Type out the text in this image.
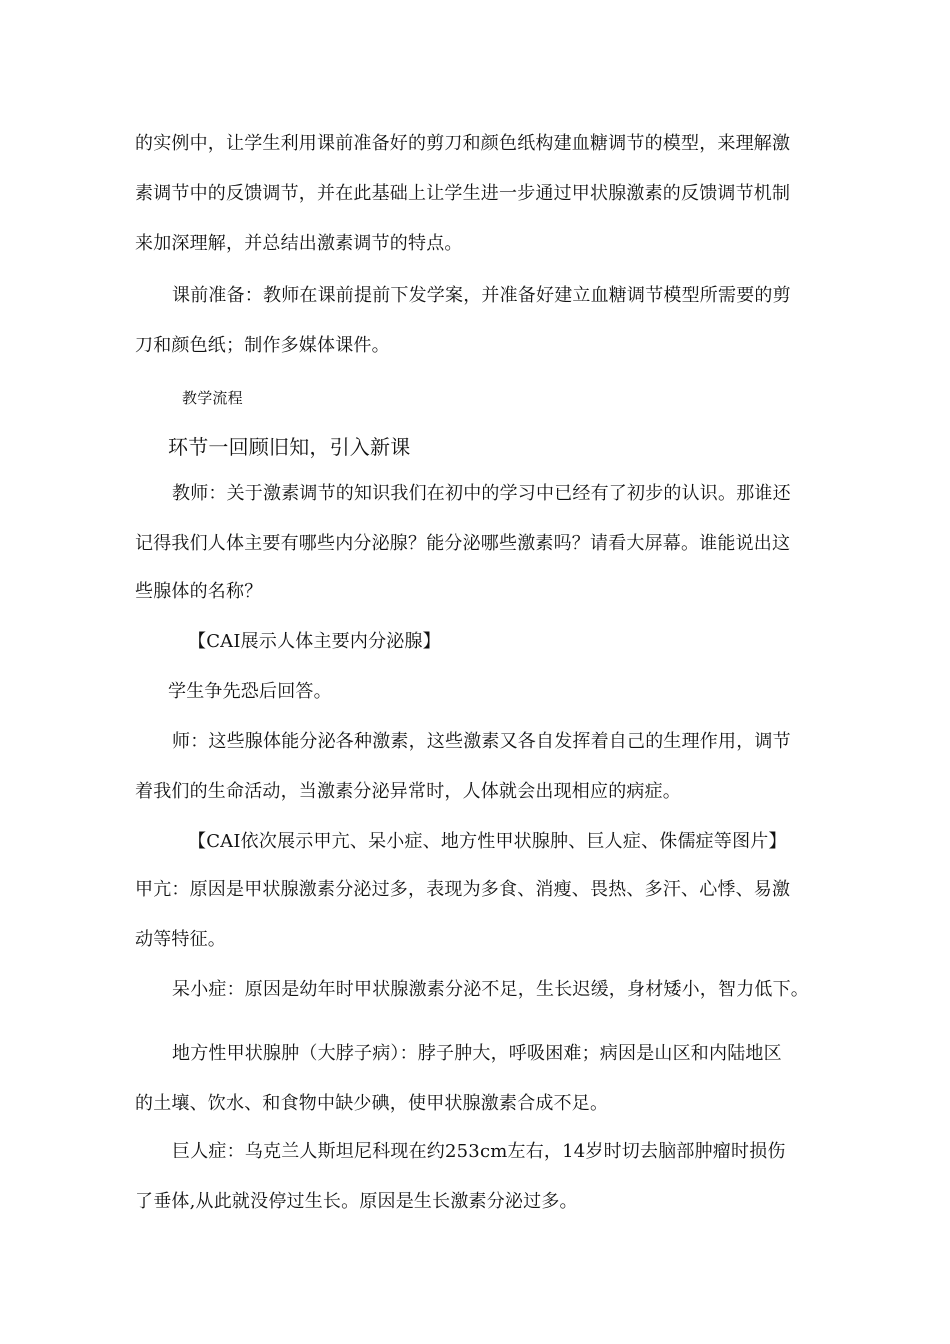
的实例中，让学生利用课前准备好的剪刀和颜色纸构建血糖调节的模型，来理解激
素调节中的反馈调节，并在此基础上让学生进一步通过甲状腺激素的反馈调节机制
来加深理解，并总结出激素调节的特点。
课前准备：教师在课前提前下发学案，并准备好建立血糖调节模型所需要的剪
刀和颜色纸；制作多媒体课件。
教学流程
环节一回顾旧知，引入新课
教师：关于激素调节的知识我们在初中的学习中已经有了初步的认识。那谁还
记得我们人体主要有哪些内分泌腺？能分泌哪些激素吗？请看大屏幕。谁能说出这
些腺体的名称？
【CAI展示人体主要内分泌腺】
学生争先恐后回答。
师：这些腺体能分泌各种激素，这些激素又各自发挥着自己的生理作用，调节
着我们的生命活动，当激素分泌异常时，人体就会出现相应的病症。
【CAI依次展示甲亢、呆小症、地方性甲状腺肿、巨人症、侏儒症等图片】
甲亢：原因是甲状腺激素分泌过多，表现为多食、消瘦、畏热、多汗、心悸、易激
动等特征。
呆小症：原因是幼年时甲状腺激素分泌不足，生长迟缓，身材矮小，智力低下。
地方性甲状腺肿（大脖子病）：脖子肿大，呼吸困难；病因是山区和内陆地区
的土壤、饮水、和食物中缺少碘，使甲状腺激素合成不足。
巨人症：乌克兰人斯坦尼科现在约253cm左右，14岁时切去脑部肿瘤时损伤
了垂体,从此就没停过生长。原因是生长激素分泌过多。
